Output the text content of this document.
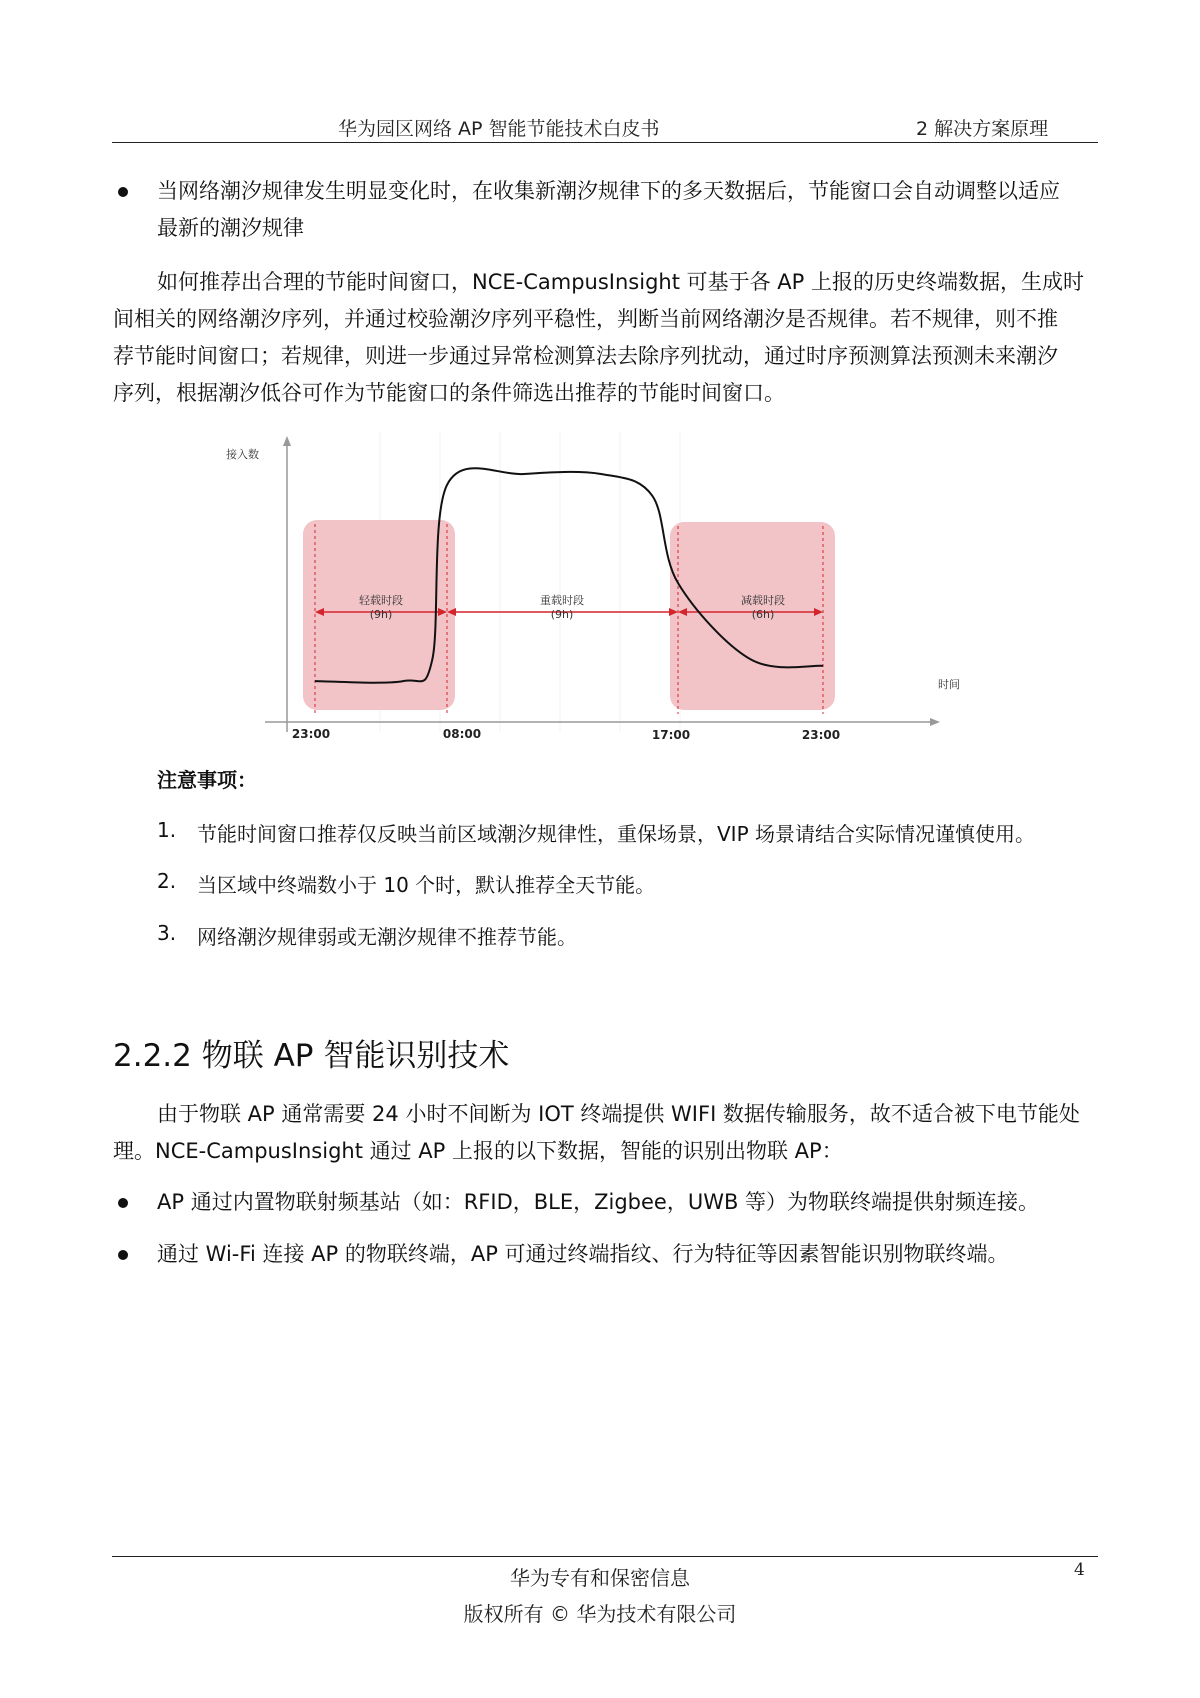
华为园区网络 AP 智能节能技术白皮书	2 解决方案原理
当网络潮汐规律发生明显变化时，在收集新潮汐规律下的多天数据后，节能窗口会自动调整以适应
最新的潮汐规律
如何推荐出合理的节能时间窗口，NCE-CampusInsight 可基于各 AP 上报的历史终端数据，生成时
间相关的网络潮汐序列，并通过校验潮汐序列平稳性，判断当前网络潮汐是否规律。若不规律，则不推
荐节能时间窗口；若规律，则进一步通过异常检测算法去除序列扰动，通过时序预测算法预测未来潮汐
序列，根据潮汐低谷可作为节能窗口的条件筛选出推荐的节能时间窗口。
接入数
时间
轻载时段
(9h)
重载时段
(9h)
减载时段
(6h)
23:00	08:00	17:00	23:00
注意事项：
1. 节能时间窗口推荐仅反映当前区域潮汐规律性，重保场景，VIP 场景请结合实际情况谨慎使用。
2. 当区域中终端数小于 10 个时，默认推荐全天节能。
3. 网络潮汐规律弱或无潮汐规律不推荐节能。
2.2.2 物联 AP 智能识别技术
由于物联 AP 通常需要 24 小时不间断为 IOT 终端提供 WIFI 数据传输服务，故不适合被下电节能处
理。NCE-CampusInsight 通过 AP 上报的以下数据，智能的识别出物联 AP：
AP 通过内置物联射频基站（如：RFID，BLE，Zigbee，UWB 等）为物联终端提供射频连接。
通过 Wi-Fi 连接 AP 的物联终端，AP 可通过终端指纹、行为特征等因素智能识别物联终端。
华为专有和保密信息
版权所有 © 华为技术有限公司
4
